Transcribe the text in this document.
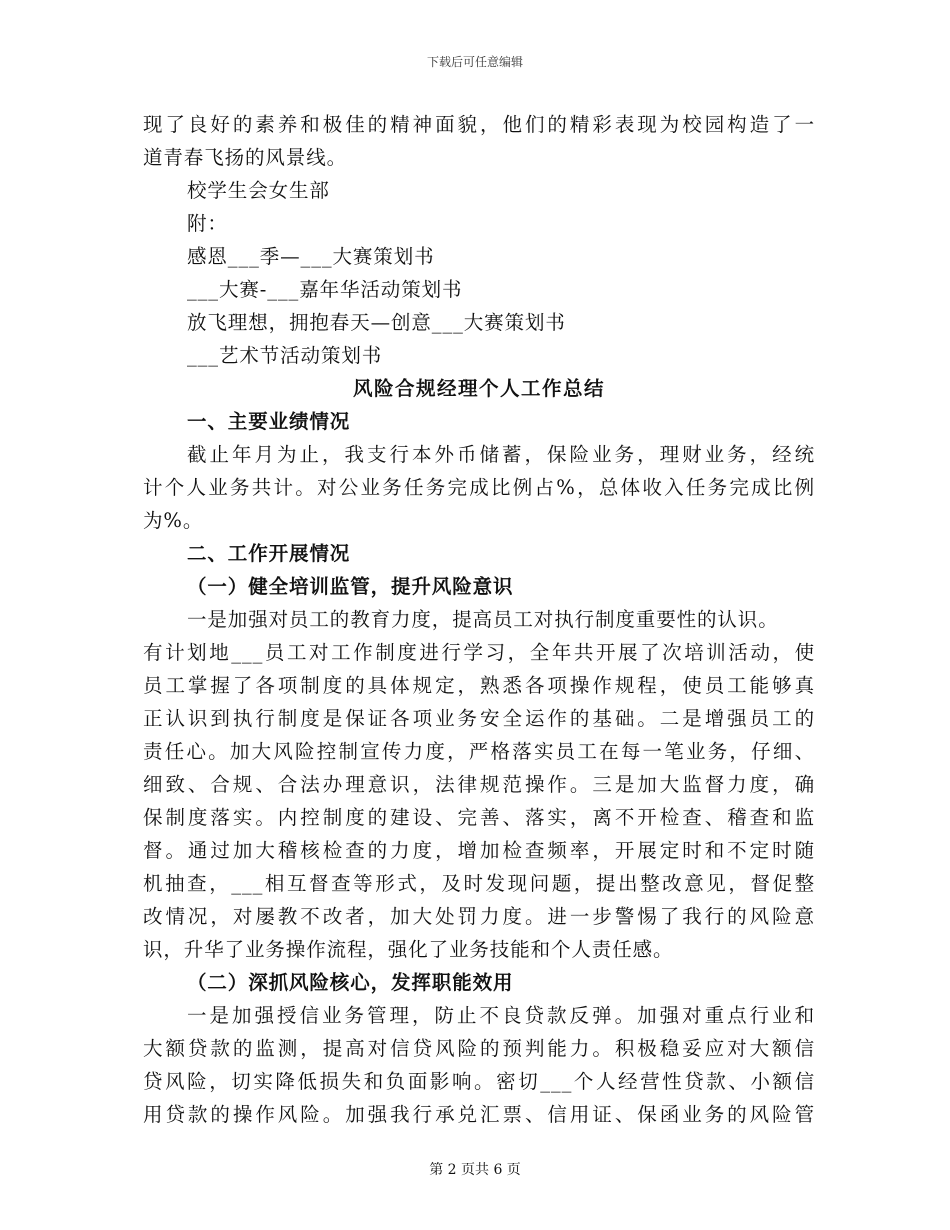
下载后可任意编辑
现了良好的素养和极佳的精神面貌，他们的精彩表现为校园构造了一
道青春飞扬的风景线。
校学生会女生部
附：
感恩___季—___大赛策划书
___大赛-___嘉年华活动策划书
放飞理想，拥抱春天—创意___大赛策划书
___艺术节活动策划书
风险合规经理个人工作总结
一、主要业绩情况
截止年月为止，我支行本外币储蓄，保险业务，理财业务，经统
计个人业务共计。对公业务任务完成比例占%，总体收入任务完成比例
为%。
二、工作开展情况
（一）健全培训监管，提升风险意识
一是加强对员工的教育力度，提高员工对执行制度重要性的认识。
有计划地___员工对工作制度进行学习，全年共开展了次培训活动，使
员工掌握了各项制度的具体规定，熟悉各项操作规程，使员工能够真
正认识到执行制度是保证各项业务安全运作的基础。二是增强员工的
责任心。加大风险控制宣传力度，严格落实员工在每一笔业务，仔细、
细致、合规、合法办理意识，法律规范操作。三是加大监督力度，确
保制度落实。内控制度的建设、完善、落实，离不开检查、稽查和监
督。通过加大稽核检查的力度，增加检查频率，开展定时和不定时随
机抽查，___相互督查等形式，及时发现问题，提出整改意见，督促整
改情况，对屡教不改者，加大处罚力度。进一步警惕了我行的风险意
识，升华了业务操作流程，强化了业务技能和个人责任感。
（二）深抓风险核心，发挥职能效用
一是加强授信业务管理，防止不良贷款反弹。加强对重点行业和
大额贷款的监测，提高对信贷风险的预判能力。积极稳妥应对大额信
贷风险，切实降低损失和负面影响。密切___个人经营性贷款、小额信
用贷款的操作风险。加强我行承兑汇票、信用证、保函业务的风险管
第 2 页共 6 页
